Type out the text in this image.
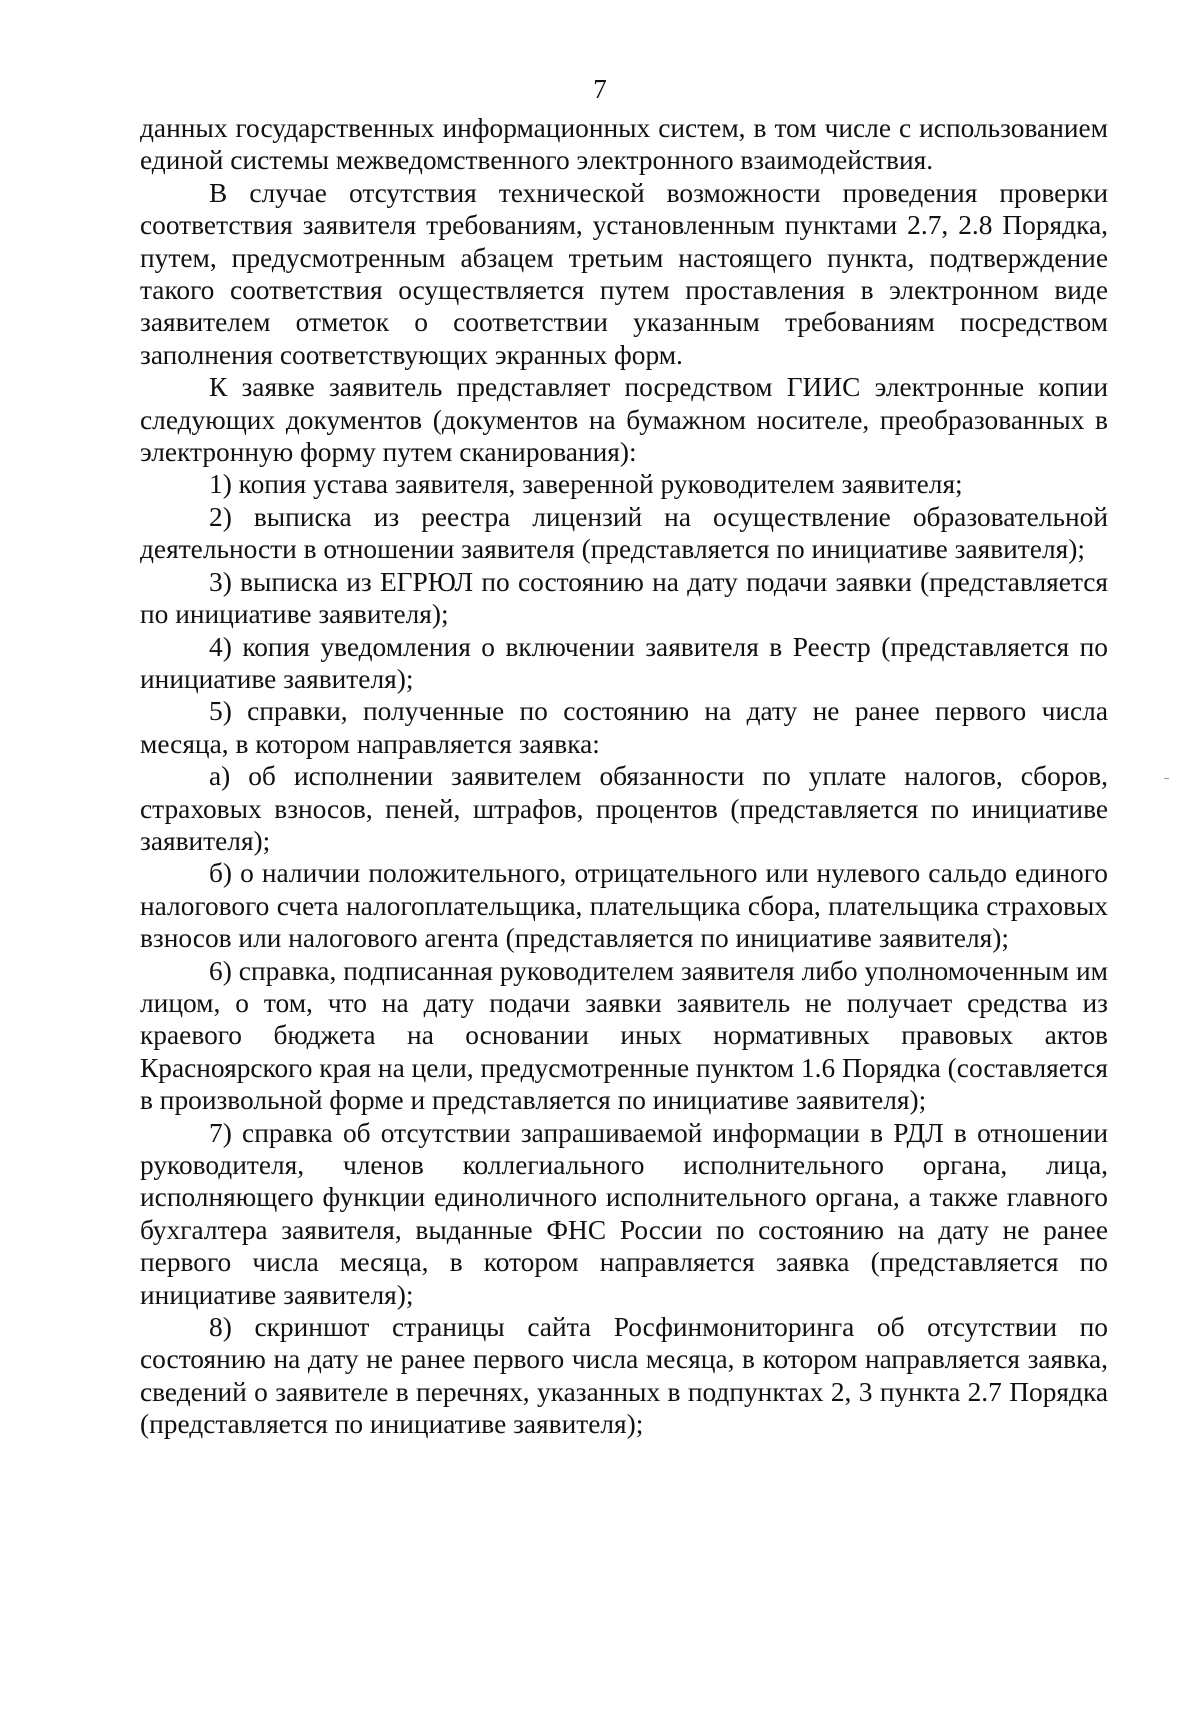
7

данных государственных информационных систем, в том числе с использованием единой системы межведомственного электронного взаимодействия.

В случае отсутствия технической возможности проведения проверки соответствия заявителя требованиям, установленным пунктами 2.7, 2.8 Порядка, путем, предусмотренным абзацем третьим настоящего пункта, подтверждение такого соответствия осуществляется путем проставления в электронном виде заявителем отметок о соответствии указанным требованиям посредством заполнения соответствующих экранных форм.

К заявке заявитель представляет посредством ГИИС электронные копии следующих документов (документов на бумажном носителе, преобразованных в электронную форму путем сканирования):

1) копия устава заявителя, заверенной руководителем заявителя;

2) выписка из реестра лицензий на осуществление образовательной деятельности в отношении заявителя (представляется по инициативе заявителя);

3) выписка из ЕГРЮЛ по состоянию на дату подачи заявки (представляется по инициативе заявителя);

4) копия уведомления о включении заявителя в Реестр (представляется по инициативе заявителя);

5) справки, полученные по состоянию на дату не ранее первого числа месяца, в котором направляется заявка:

а) об исполнении заявителем обязанности по уплате налогов, сборов, страховых взносов, пеней, штрафов, процентов (представляется по инициативе заявителя);

б) о наличии положительного, отрицательного или нулевого сальдо единого налогового счета налогоплательщика, плательщика сбора, плательщика страховых взносов или налогового агента (представляется по инициативе заявителя);

6) справка, подписанная руководителем заявителя либо уполномоченным им лицом, о том, что на дату подачи заявки заявитель не получает средства из краевого бюджета на основании иных нормативных правовых актов Красноярского края на цели, предусмотренные пунктом 1.6 Порядка (составляется в произвольной форме и представляется по инициативе заявителя);

7) справка об отсутствии запрашиваемой информации в РДЛ в отношении руководителя, членов коллегиального исполнительного органа, лица, исполняющего функции единоличного исполнительного органа, а также главного бухгалтера заявителя, выданные ФНС России по состоянию на дату не ранее первого числа месяца, в котором направляется заявка (представляется по инициативе заявителя);

8) скриншот страницы сайта Росфинмониторинга об отсутствии по состоянию на дату не ранее первого числа месяца, в котором направляется заявка, сведений о заявителе в перечнях, указанных в подпунктах 2, 3 пункта 2.7 Порядка (представляется по инициативе заявителя);
